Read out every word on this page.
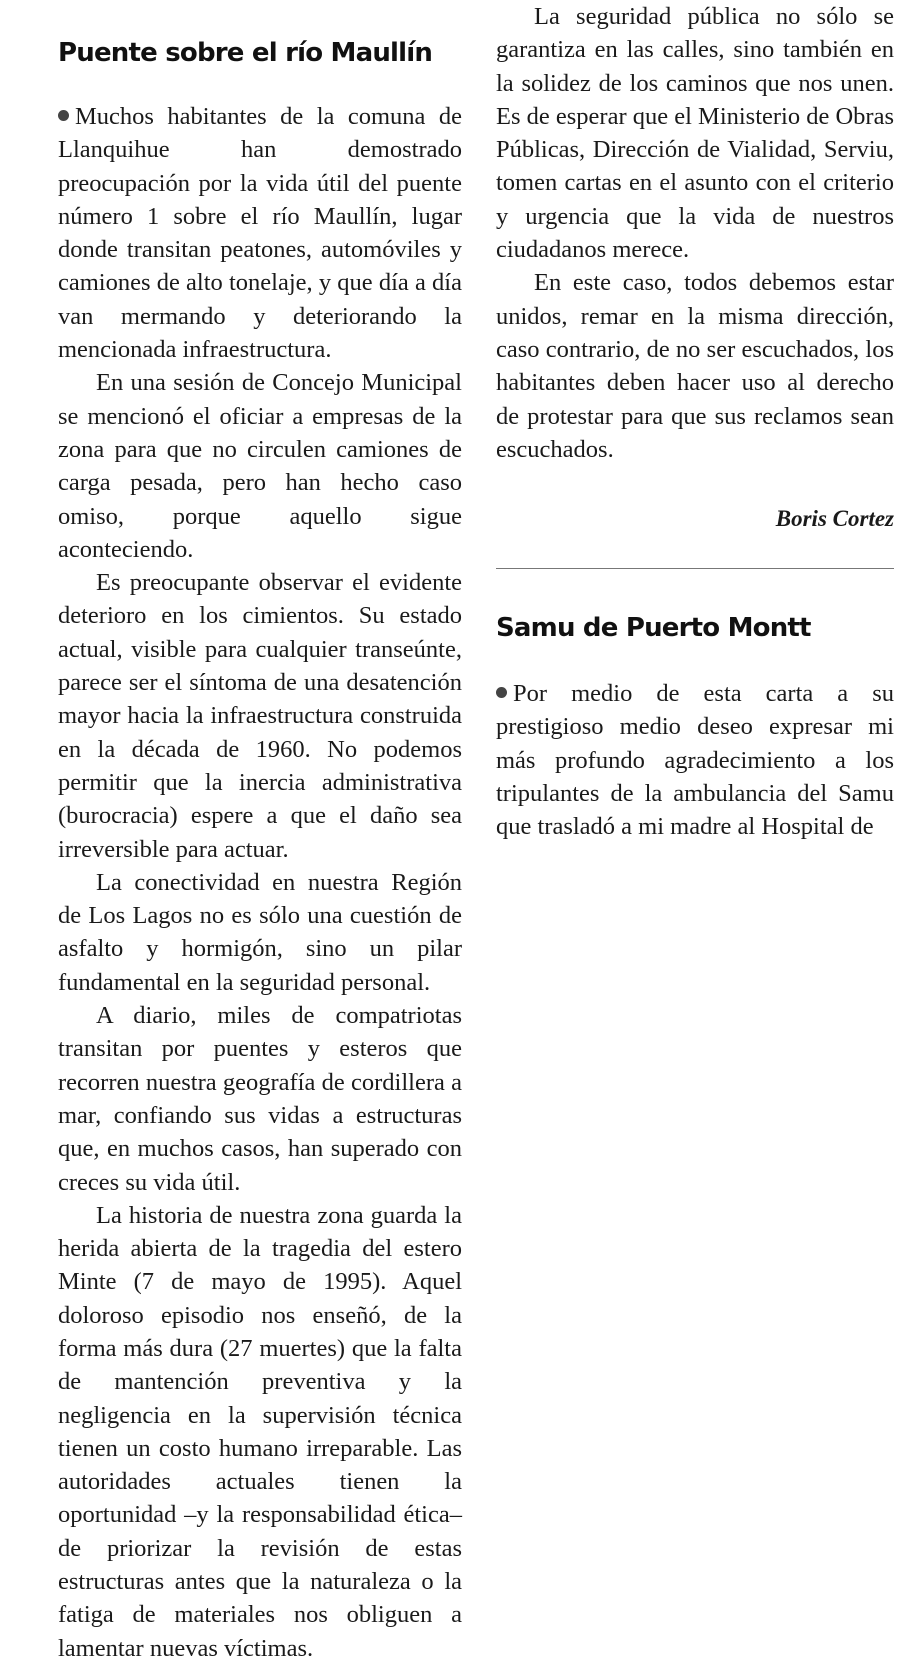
Puente sobre el río Maullín

Muchos habitantes de la comuna de Llanquihue han demostrado preocupación por la vida útil del puente número 1 sobre el río Maullín, lugar donde transitan peatones, automóviles y camiones de alto tonelaje, y que día a día van mermando y deteriorando la mencionada infraestructura.

En una sesión de Concejo Municipal se mencionó el oficiar a empresas de la zona para que no circulen camiones de carga pesada, pero han hecho caso omiso, porque aquello sigue aconteciendo.

Es preocupante observar el evidente deterioro en los cimientos. Su estado actual, visible para cualquier transeúnte, parece ser el síntoma de una desatención mayor hacia la infraestructura construida en la década de 1960. No podemos permitir que la inercia administrativa (burocracia) espere a que el daño sea irreversible para actuar.

La conectividad en nuestra Región de Los Lagos no es sólo una cuestión de asfalto y hormigón, sino un pilar fundamental en la seguridad personal.

A diario, miles de compatriotas transitan por puentes y esteros que recorren nuestra geografía de cordillera a mar, confiando sus vidas a estructuras que, en muchos casos, han superado con creces su vida útil.

La historia de nuestra zona guarda la herida abierta de la tragedia del estero Minte (7 de mayo de 1995). Aquel doloroso episodio nos enseñó, de la forma más dura (27 muertes) que la falta de mantención preventiva y la negligencia en la supervisión técnica tienen un costo humano irreparable. Las autoridades actuales tienen la oportunidad –y la responsabilidad ética– de priorizar la revisión de estas estructuras antes que la naturaleza o la fatiga de materiales nos obliguen a lamentar nuevas víctimas.

La seguridad pública no sólo se garantiza en las calles, sino también en la solidez de los caminos que nos unen. Es de esperar que el Ministerio de Obras Públicas, Dirección de Vialidad, Serviu, tomen cartas en el asunto con el criterio y urgencia que la vida de nuestros ciudadanos merece.

En este caso, todos debemos estar unidos, remar en la misma dirección, caso contrario, de no ser escuchados, los habitantes deben hacer uso al derecho de protestar para que sus reclamos sean escuchados.

Boris Cortez

Samu de Puerto Montt

Por medio de esta carta a su prestigioso medio deseo expresar mi más profundo agradecimiento a los tripulantes de la ambulancia del Samu que trasladó a mi madre al Hospital de
